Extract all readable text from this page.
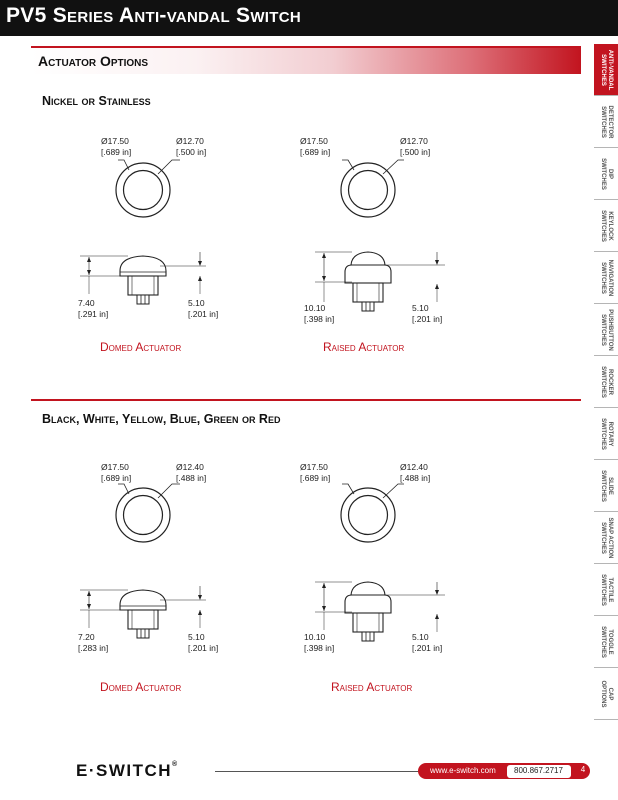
PV5 Series Anti-vandal Switch
Actuator Options
Nickel or Stainless
Black, White, Yellow, Blue, Green or Red
Ø17.50
[.689 in]
Ø12.70
[.500 in]
7.40
[.291 in]
5.10
[.201 in]
Domed Actuator
Ø17.50
[.689 in]
Ø12.70
[.500 in]
10.10
[.398 in]
5.10
[.201 in]
Raised Actuator
Ø17.50
[.689 in]
Ø12.40
[.488 in]
7.20
[.283 in]
5.10
[.201 in]
Domed Actuator
Ø17.50
[.689 in]
Ø12.40
[.488 in]
10.10
[.398 in]
5.10
[.201 in]
Raised Actuator
ANTI-VANDAL
SWITCHES
DETECTOR
SWITCHES
DIP
SWITCHES
KEYLOCK
SWITCHES
NAVIGATION
SWITCHES
PUSHBUTTON
SWITCHES
ROCKER
SWITCHES
ROTARY
SWITCHES
SLIDE
SWITCHES
SNAP ACTION
SWITCHES
TACTILE
SWITCHES
TOGGLE
SWITCHES
CAP
OPTIONS
E·SWITCH®
www.e-switch.com 800.867.2717	4
